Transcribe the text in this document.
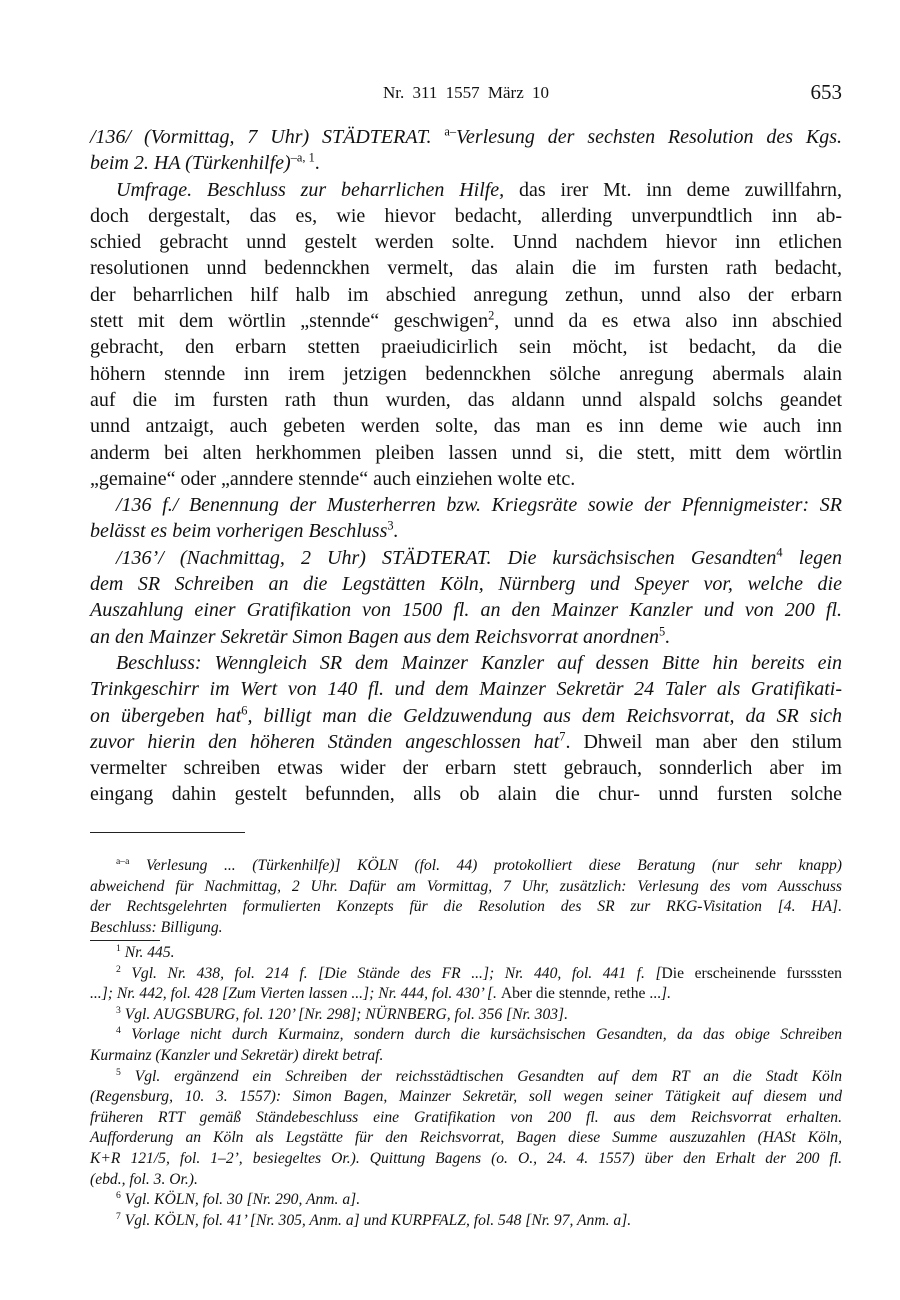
Nr. 311 1557 März 10	653
/136/ (Vormittag, 7 Uhr) STÄDTERAT. $^{a-}$Verlesung der sechsten Resolution des Kgs.
beim 2. HA (Türkenhilfe)$^{-a, 1}$.
Umfrage. Beschluss zur beharrlichen Hilfe, das irer Mt. inn deme zuwillfahrn,
doch dergestalt, das es, wie hievor bedacht, allerding unverpundtlich inn ab-
schied gebracht unnd gestelt werden solte. Unnd nachdem hievor inn etlichen
resolutionen unnd bedennckhen vermelt, das alain die im fursten rath bedacht,
der beharrlichen hilf halb im abschied anregung zethun, unnd also der erbarn
stett mit dem wörtlin „stennde“ geschwigen$^2$, unnd da es etwa also inn abschied
gebracht, den erbarn stetten praeiudicirlich sein möcht, ist bedacht, da die
höhern stennde inn irem jetzigen bedennckhen sölche anregung abermals alain
auf die im fursten rath thun wurden, das aldann unnd alspald solchs geandet
unnd antzaigt, auch gebeten werden solte, das man es inn deme wie auch inn
anderm bei alten herkhommen pleiben lassen unnd si, die stett, mitt dem wörtlin
„gemaine“ oder „anndere stennde“ auch einziehen wolte etc.
/136 f./ Benennung der Musterherren bzw. Kriegsräte sowie der Pfennigmeister: SR
belässt es beim vorherigen Beschluss$^3$.
/136’/ (Nachmittag, 2 Uhr) STÄDTERAT. Die kursächsischen Gesandten$^4$ legen
dem SR Schreiben an die Legstätten Köln, Nürnberg und Speyer vor, welche die
Auszahlung einer Gratifikation von 1500 fl. an den Mainzer Kanzler und von 200 fl.
an den Mainzer Sekretär Simon Bagen aus dem Reichsvorrat anordnen$^5$.
Beschluss: Wenngleich SR dem Mainzer Kanzler auf dessen Bitte hin bereits ein
Trinkgeschirr im Wert von 140 fl. und dem Mainzer Sekretär 24 Taler als Gratifikati-
on übergeben hat$^6$, billigt man die Geldzuwendung aus dem Reichsvorrat, da SR sich
zuvor hierin den höheren Ständen angeschlossen hat$^7$. Dhweil man aber den stilum
vermelter schreiben etwas wider der erbarn stett gebrauch, sonnderlich aber im
eingang dahin gestelt befunnden, alls ob alain die chur- unnd fursten solche
$^{a-a}$ Verlesung ... (Türkenhilfe)] KÖLN (fol. 44) protokolliert diese Beratung (nur sehr knapp)
abweichend für Nachmittag, 2 Uhr. Dafür am Vormittag, 7 Uhr, zusätzlich: Verlesung des vom Ausschuss
der Rechtsgelehrten formulierten Konzepts für die Resolution des SR zur RKG-Visitation [4. HA].
Beschluss: Billigung.
$^1$ Nr. 445.
$^2$ Vgl. Nr. 438, fol. 214 f. [Die Stände des FR ...]; Nr. 440, fol. 441 f. [Die erscheinende fursssten
...]; Nr. 442, fol. 428 [Zum Vierten lassen ...]; Nr. 444, fol. 430’ [. Aber die stennde, rethe ...].
$^3$ Vgl. AUGSBURG, fol. 120’ [Nr. 298]; NÜRNBERG, fol. 356 [Nr. 303].
$^4$ Vorlage nicht durch Kurmainz, sondern durch die kursächsischen Gesandten, da das obige Schreiben
Kurmainz (Kanzler und Sekretär) direkt betraf.
$^5$ Vgl. ergänzend ein Schreiben der reichsstädtischen Gesandten auf dem RT an die Stadt Köln
(Regensburg, 10. 3. 1557): Simon Bagen, Mainzer Sekretär, soll wegen seiner Tätigkeit auf diesem und
früheren RTT gemäß Ständebeschluss eine Gratifikation von 200 fl. aus dem Reichsvorrat erhalten.
Aufforderung an Köln als Legstätte für den Reichsvorrat, Bagen diese Summe auszuzahlen (HASt Köln,
K+R 121/5, fol. 1–2’, besiegeltes Or.). Quittung Bagens (o. O., 24. 4. 1557) über den Erhalt der 200 fl.
(ebd., fol. 3. Or.).
$^6$ Vgl. KÖLN, fol. 30 [Nr. 290, Anm. a].
$^7$ Vgl. KÖLN, fol. 41’ [Nr. 305, Anm. a] und KURPFALZ, fol. 548 [Nr. 97, Anm. a].
